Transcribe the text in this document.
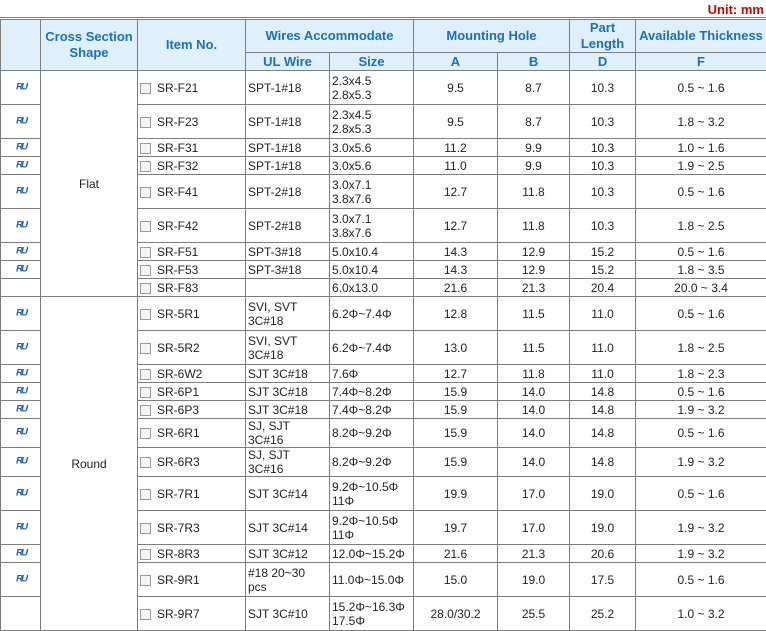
Unit: mm
	Cross Section Shape	Item No.	Wires Accommodate		Mounting Hole		Part Length	Available Thickness	
			UL Wire	Size	A	B	D	F	
ᴿᵁ	Flat	SR-F21	SPT-1#18	2.3x4.5
2.8x5.3	9.5	8.7	10.3	0.5 ~ 1.6	
ᴿᵁ		SR-F23	SPT-1#18	2.3x4.5
2.8x5.3	9.5	8.7	10.3	1.8 ~ 3.2	
ᴿᵁ		SR-F31	SPT-1#18	3.0x5.6	11.2	9.9	10.3	1.0 ~ 1.6	
ᴿᵁ		SR-F32	SPT-1#18	3.0x5.6	11.0	9.9	10.3	1.9 ~ 2.5	
ᴿᵁ		SR-F41	SPT-2#18	3.0x7.1
3.8x7.6	12.7	11.8	10.3	0.5 ~ 1.6	
ᴿᵁ		SR-F42	SPT-2#18	3.0x7.1
3.8x7.6	12.7	11.8	10.3	1.8 ~ 2.5	
ᴿᵁ		SR-F51	SPT-3#18	5.0x10.4	14.3	12.9	15.2	0.5 ~ 1.6	
ᴿᵁ		SR-F53	SPT-3#18	5.0x10.4	14.3	12.9	15.2	1.8 ~ 3.5	
		SR-F83		6.0x13.0	21.6	21.3	20.4	20.0 ~ 3.4	
ᴿᵁ	Round	SR-5R1	SVI, SVT 3C#18	6.2Φ~7.4Φ	12.8	11.5	11.0	0.5 ~ 1.6	
ᴿᵁ		SR-5R2	SVI, SVT 3C#18	6.2Φ~7.4Φ	13.0	11.5	11.0	1.8 ~ 2.5	
ᴿᵁ		SR-6W2	SJT 3C#18	7.6Φ	12.7	11.8	11.0	1.8 ~ 2.3	
ᴿᵁ		SR-6P1	SJT 3C#18	7.4Φ~8.2Φ	15.9	14.0	14.8	0.5 ~ 1.6	
ᴿᵁ		SR-6P3	SJT 3C#18	7.4Φ~8.2Φ	15.9	14.0	14.8	1.9 ~ 3.2	
ᴿᵁ		SR-6R1	SJ, SJT 3C#16	8.2Φ~9.2Φ	15.9	14.0	14.8	0.5 ~ 1.6	
ᴿᵁ		SR-6R3	SJ, SJT 3C#16	8.2Φ~9.2Φ	15.9	14.0	14.8	1.9 ~ 3.2	
ᴿᵁ		SR-7R1	SJT 3C#14	9.2Φ~10.5Φ
11Φ	19.9	17.0	19.0	0.5 ~ 1.6	
ᴿᵁ		SR-7R3	SJT 3C#14	9.2Φ~10.5Φ
11Φ	19.7	17.0	19.0	1.9 ~ 3.2	
ᴿᵁ		SR-8R3	SJT 3C#12	12.0Φ~15.2Φ	21.6	21.3	20.6	1.9 ~ 3.2	
ᴿᵁ		SR-9R1	#18 20~30 pcs	11.0Φ~15.0Φ	15.0	19.0	17.5	0.5 ~ 1.6	
		SR-9R7	SJT 3C#10	15.2Φ~16.3Φ
17.5Φ	28.0/30.2	25.5	25.2	1.0 ~ 3.2	
